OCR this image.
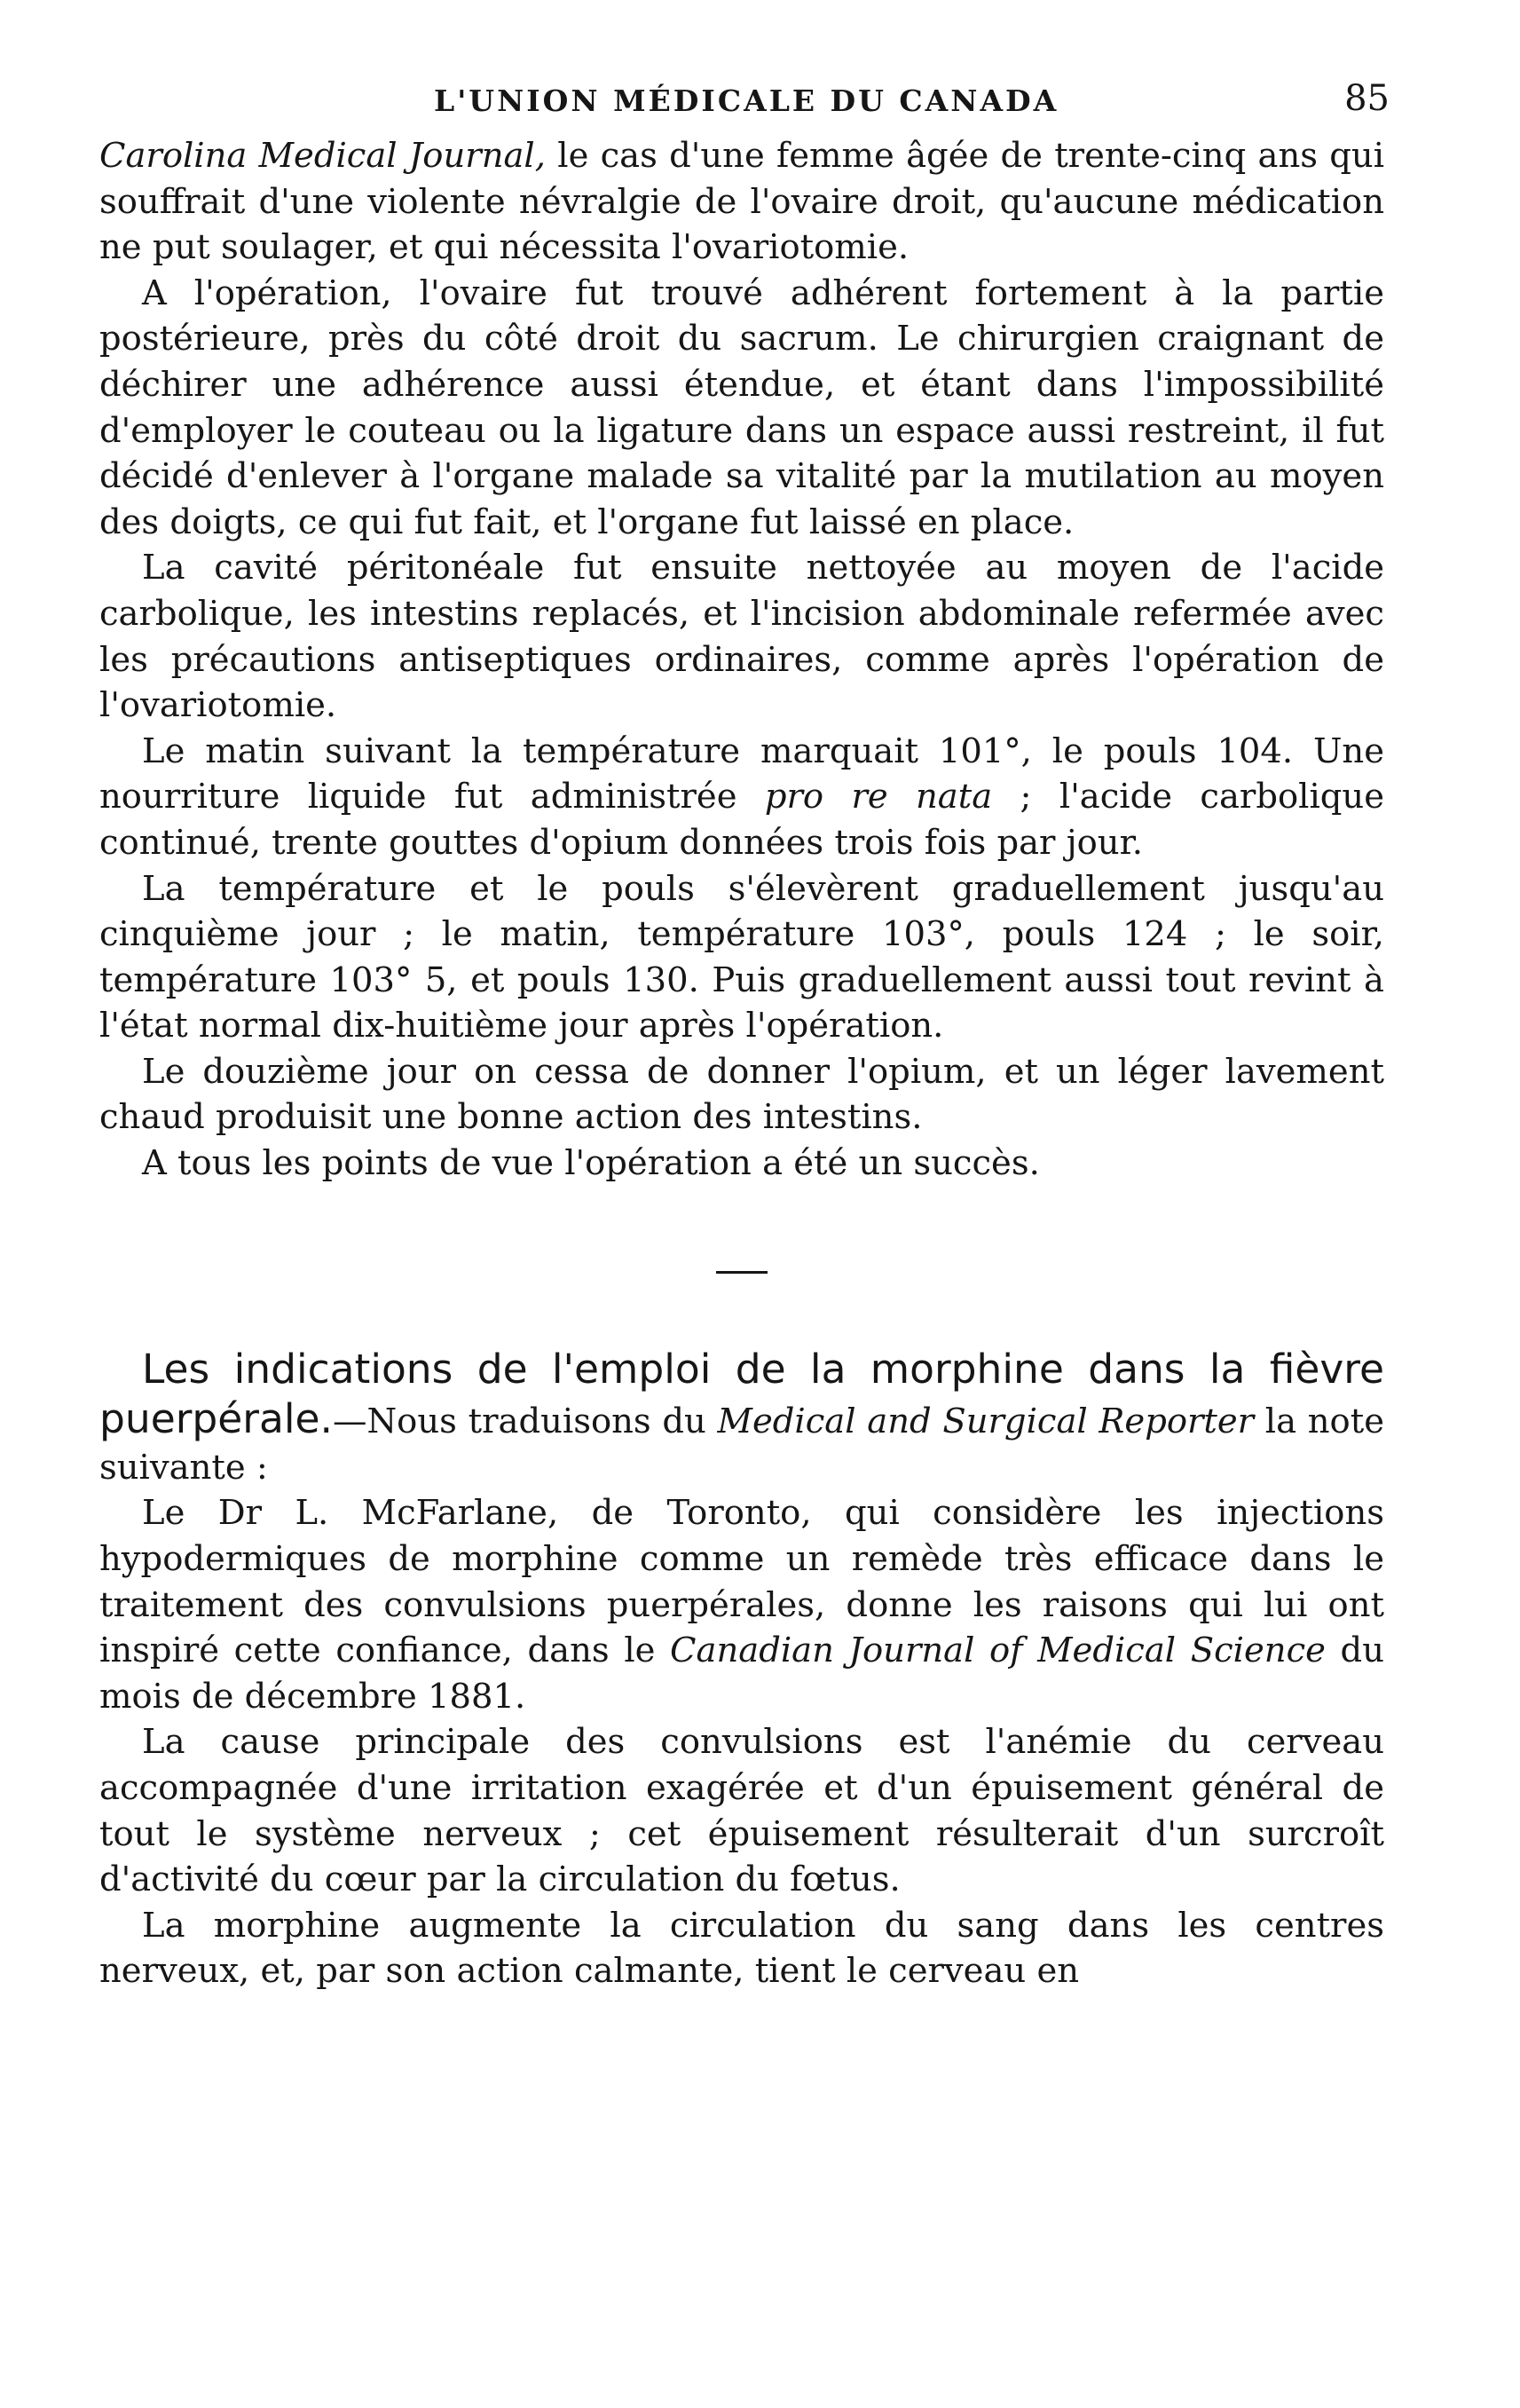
L'UNION MÉDICALE DU CANADA	85

Carolina Medical Journal, le cas d'une femme âgée de trente-cinq ans qui souffrait d'une violente névralgie de l'ovaire droit, qu'aucune médication ne put soulager, et qui nécessita l'ovariotomie.

A l'opération, l'ovaire fut trouvé adhérent fortement à la partie postérieure, près du côté droit du sacrum. Le chirurgien craignant de déchirer une adhérence aussi étendue, et étant dans l'impossibilité d'employer le couteau ou la ligature dans un espace aussi restreint, il fut décidé d'enlever à l'organe malade sa vitalité par la mutilation au moyen des doigts, ce qui fut fait, et l'organe fut laissé en place.

La cavité péritonéale fut ensuite nettoyée au moyen de l'acide carbolique, les intestins replacés, et l'incision abdominale refermée avec les précautions antiseptiques ordinaires, comme après l'opération de l'ovariotomie.

Le matin suivant la température marquait 101°, le pouls 104. Une nourriture liquide fut administrée pro re nata ; l'acide carbolique continué, trente gouttes d'opium données trois fois par jour.

La température et le pouls s'élevèrent graduellement jusqu'au cinquième jour ; le matin, température 103°, pouls 124 ; le soir, température 103° 5, et pouls 130. Puis graduellement aussi tout revint à l'état normal dix-huitième jour après l'opération.

Le douzième jour on cessa de donner l'opium, et un léger lavement chaud produisit une bonne action des intestins.

A tous les points de vue l'opération a été un succès.

Les indications de l'emploi de la morphine dans la fièvre puerpérale.—Nous traduisons du Medical and Surgical Reporter la note suivante :

Le Dr L. McFarlane, de Toronto, qui considère les injections hypodermiques de morphine comme un remède très efficace dans le traitement des convulsions puerpérales, donne les raisons qui lui ont inspiré cette confiance, dans le Canadian Journal of Medical Science du mois de décembre 1881.

La cause principale des convulsions est l'anémie du cerveau accompagnée d'une irritation exagérée et d'un épuisement général de tout le système nerveux ; cet épuisement résulterait d'un surcroît d'activité du cœur par la circulation du fœtus.

La morphine augmente la circulation du sang dans les centres nerveux, et, par son action calmante, tient le cerveau en
